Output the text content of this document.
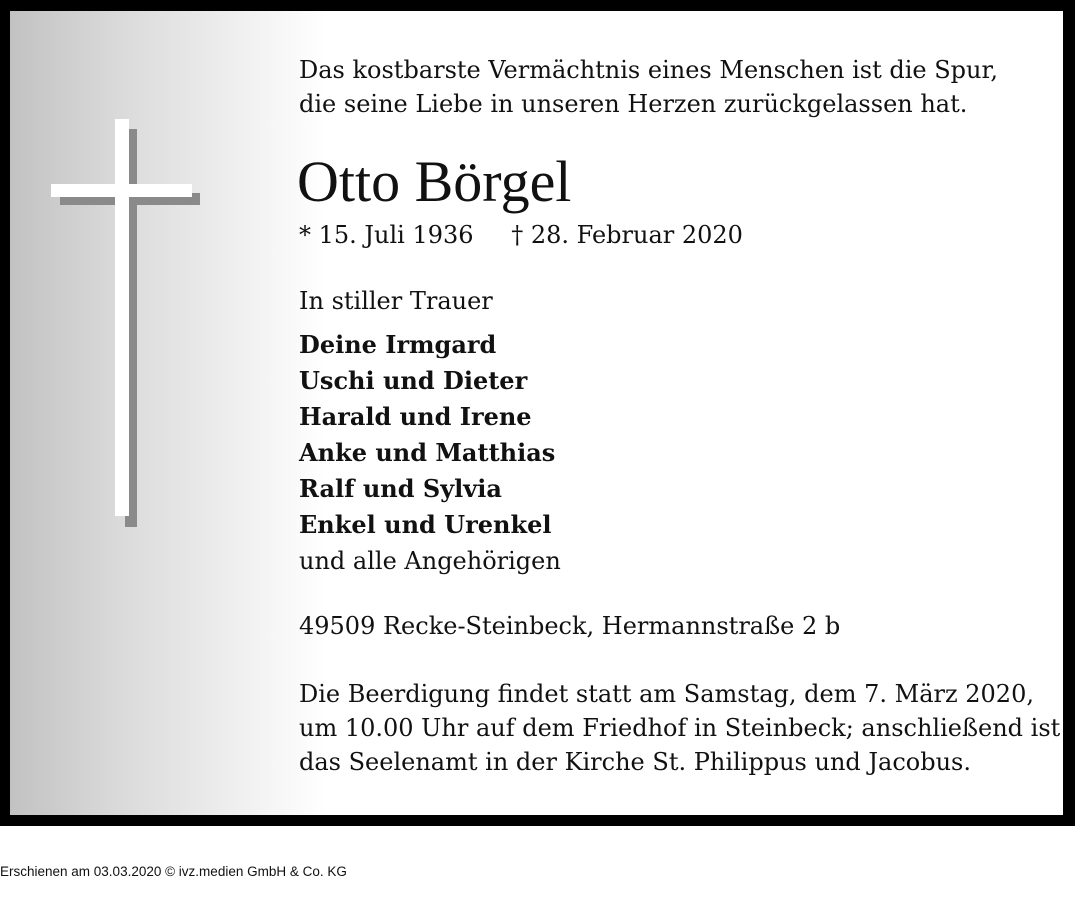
Das kostbarste Vermächtnis eines Menschen ist die Spur,
die seine Liebe in unseren Herzen zurückgelassen hat.
Otto Börgel
* 15. Juli 1936 † 28. Februar 2020
In stiller Trauer
Deine Irmgard
Uschi und Dieter
Harald und Irene
Anke und Matthias
Ralf und Sylvia
Enkel und Urenkel
und alle Angehörigen
49509 Recke-Steinbeck, Hermannstraße 2 b
Die Beerdigung findet statt am Samstag, dem 7. März 2020,
um 10.00 Uhr auf dem Friedhof in Steinbeck; anschließend ist
das Seelenamt in der Kirche St. Philippus und Jacobus.
Erschienen am 03.03.2020 © ivz.medien GmbH & Co. KG
